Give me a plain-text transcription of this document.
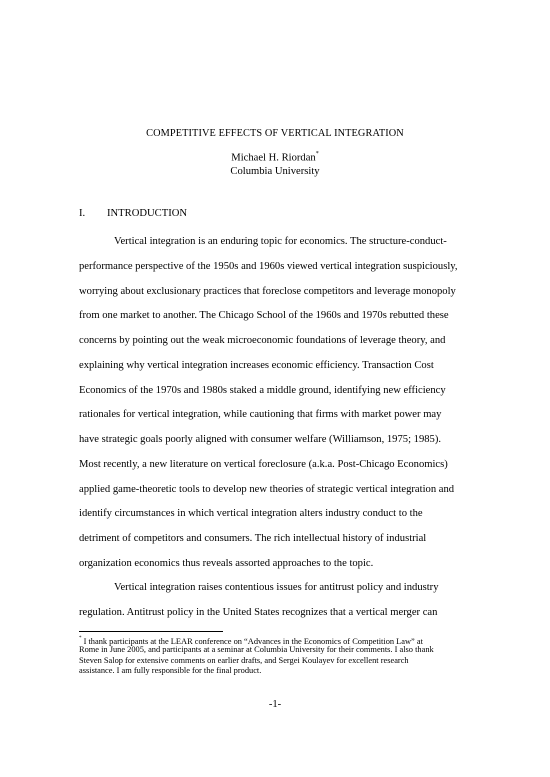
COMPETITIVE EFFECTS OF VERTICAL INTEGRATION
Michael H. Riordan*
Columbia University
I. INTRODUCTION
Vertical integration is an enduring topic for economics. The structure-conduct-
performance perspective of the 1950s and 1960s viewed vertical integration suspiciously,
worrying about exclusionary practices that foreclose competitors and leverage monopoly
from one market to another. The Chicago School of the 1960s and 1970s rebutted these
concerns by pointing out the weak microeconomic foundations of leverage theory, and
explaining why vertical integration increases economic efficiency. Transaction Cost
Economics of the 1970s and 1980s staked a middle ground, identifying new efficiency
rationales for vertical integration, while cautioning that firms with market power may
have strategic goals poorly aligned with consumer welfare (Williamson, 1975; 1985).
Most recently, a new literature on vertical foreclosure (a.k.a. Post-Chicago Economics)
applied game-theoretic tools to develop new theories of strategic vertical integration and
identify circumstances in which vertical integration alters industry conduct to the
detriment of competitors and consumers. The rich intellectual history of industrial
organization economics thus reveals assorted approaches to the topic.
Vertical integration raises contentious issues for antitrust policy and industry
regulation. Antitrust policy in the United States recognizes that a vertical merger can
* I thank participants at the LEAR conference on “Advances in the Economics of Competition Law” at
Rome in June 2005, and participants at a seminar at Columbia University for their comments. I also thank
Steven Salop for extensive comments on earlier drafts, and Sergei Koulayev for excellent research
assistance. I am fully responsible for the final product.
-1-
